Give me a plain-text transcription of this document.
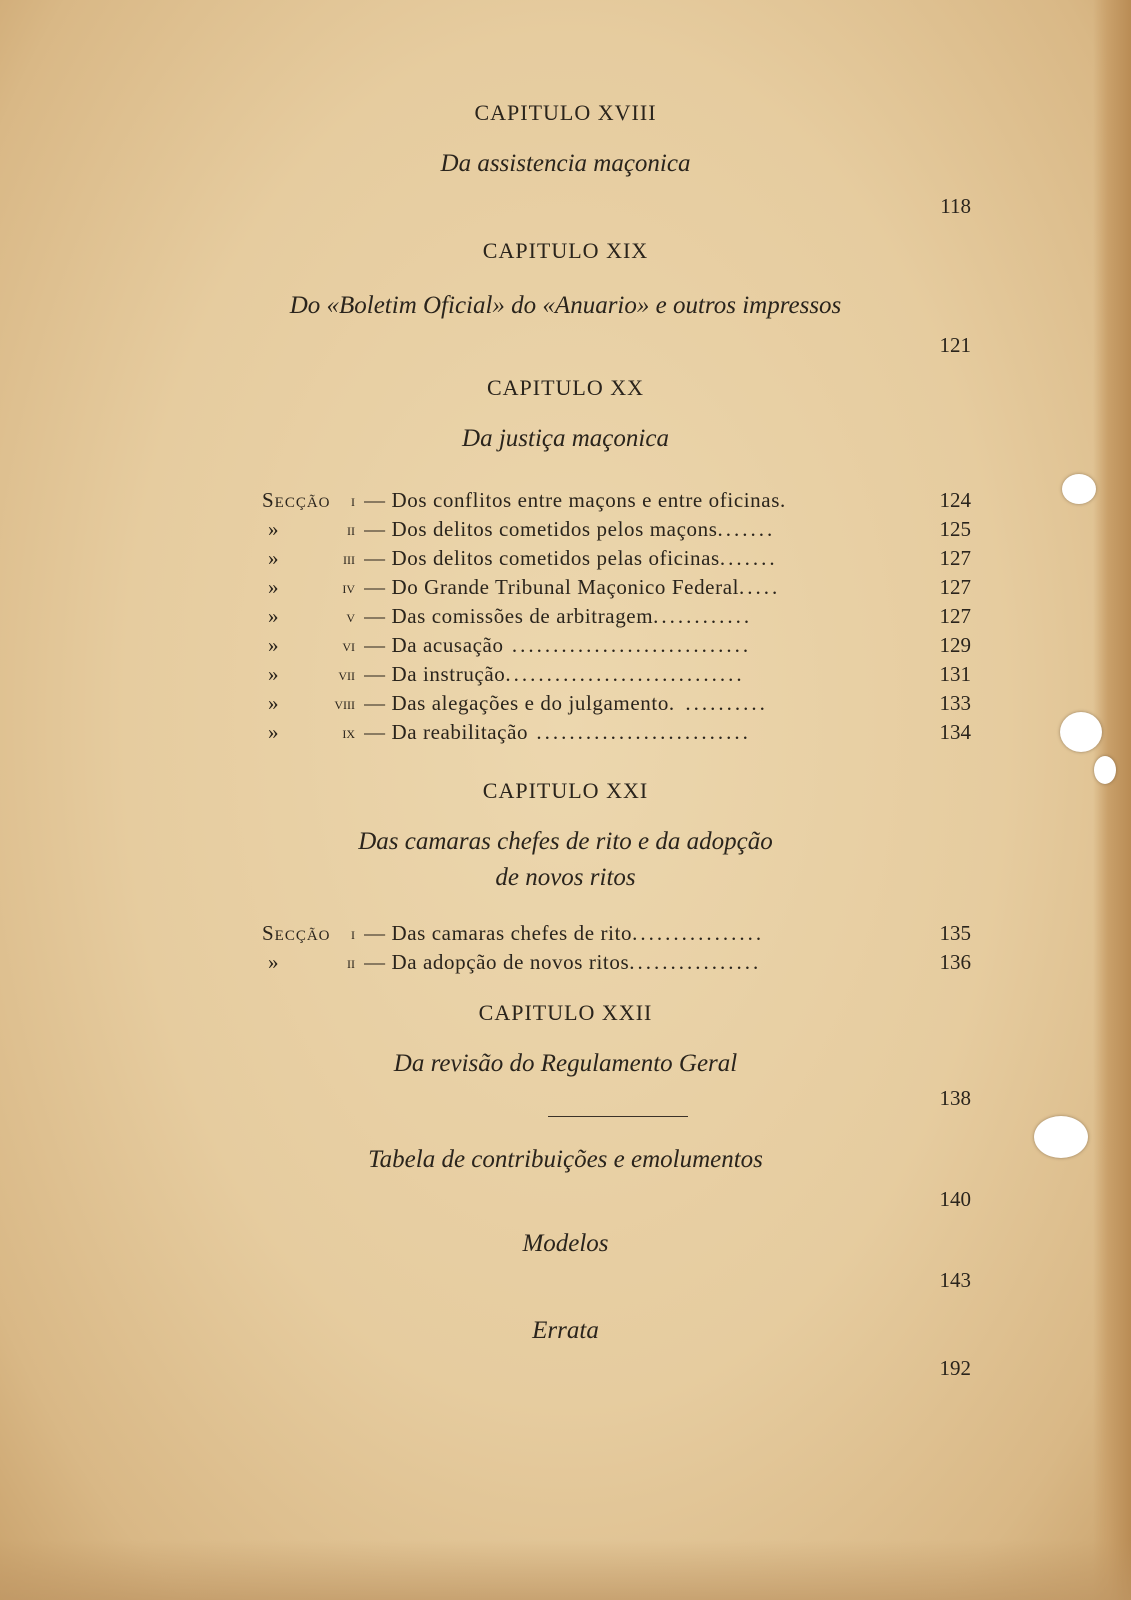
CAPITULO XVIII
Da assistencia maçonica
118
CAPITULO XIX
Do «Boletim Oficial» do «Anuario» e outros impressos
121
CAPITULO XX
Da justiça maçonica
Secção i — Dos conflitos entre maçons e entre oficinas.	124
»	ii — Dos delitos cometidos pelos maçons.......	125
»	iii — Dos delitos cometidos pelas oficinas.......	127
»	iv — Do Grande Tribunal Maçonico Federal.....	127
»	v — Das comissões de arbitragem............	127
»	vi — Da acusação .............................	129
»	vii — Da instrução.............................	131
»	viii — Das alegações e do julgamento. ..........	133
»	ix — Da reabilitação ..........................	134
CAPITULO XXI
Das camaras chefes de rito e da adopção
de novos ritos
Secção i — Das camaras chefes de rito................	135
»	ii — Da adopção de novos ritos................	136
CAPITULO XXII
Da revisão do Regulamento Geral
138
Tabela de contribuições e emolumentos
140
Modelos
143
Errata
192
